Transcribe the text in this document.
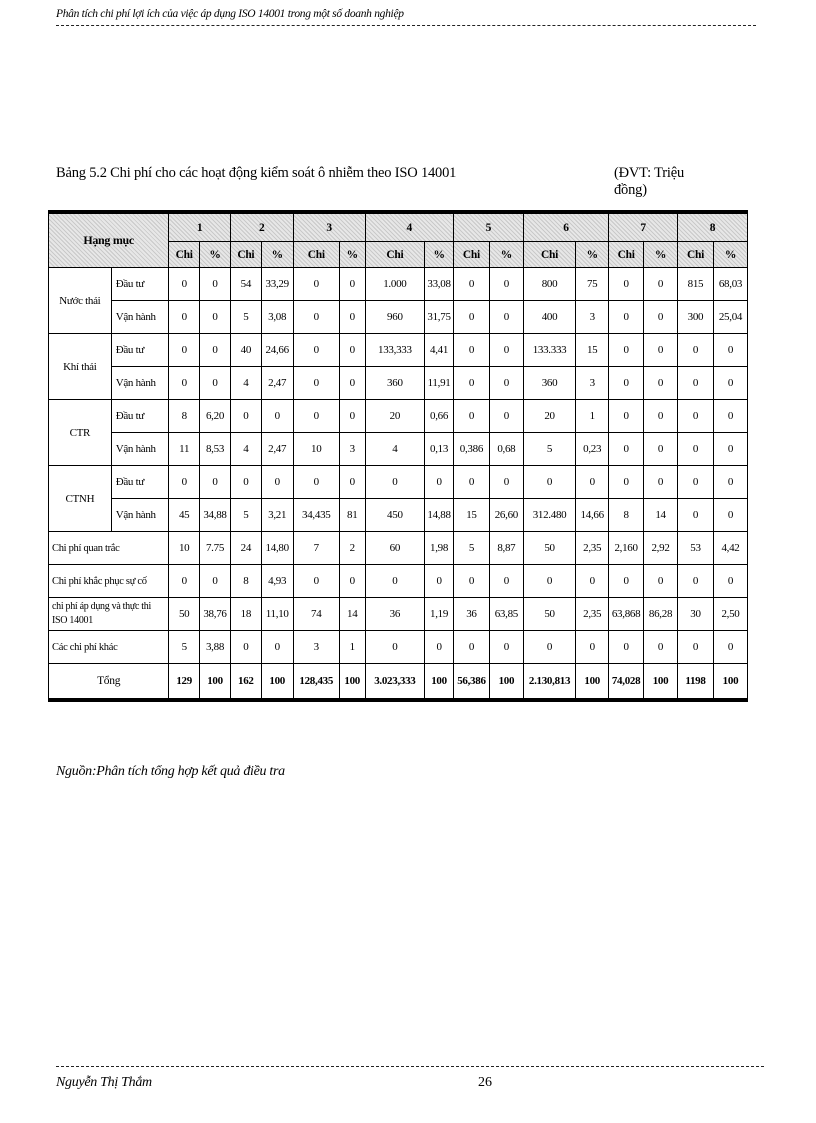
Phân tích chi phí lợi ích của việc áp dụng ISO 14001 trong một số doanh nghiệp
Bảng 5.2 Chi phí cho các hoạt động kiểm soát ô nhiễm theo ISO 14001	(ĐVT: Triệu đồng)
Hạng mục		1		2		3		4		5		6		7		8	
		Chi	%	Chi	%	Chi	%	Chi	%	Chi	%	Chi	%	Chi	%	Chi	%
Nước thải	Đầu tư	0	0	54	33,29	0	0	1.000	33,08	0	0	800	75	0	0	815	68,03
	Vận hành	0	0	5	3,08	0	0	960	31,75	0	0	400	3	0	0	300	25,04
Khí thải	Đầu tư	0	0	40	24,66	0	0	133,333	4,41	0	0	133.333	15	0	0	0	0
	Vận hành	0	0	4	2,47	0	0	360	11,91	0	0	360	3	0	0	0	0
CTR	Đầu tư	8	6,20	0	0	0	0	20	0,66	0	0	20	1	0	0	0	0
	Vận hành	11	8,53	4	2,47	10	3	4	0,13	0,386	0,68	5	0,23	0	0	0	0
CTNH	Đầu tư	0	0	0	0	0	0	0	0	0	0	0	0	0	0	0	0
	Vận hành	45	34,88	5	3,21	34,435	81	450	14,88	15	26,60	312.480	14,66	8	14	0	0
Chi phí quan trắc		10	7.75	24	14,80	7	2	60	1,98	5	8,87	50	2,35	2,160	2,92	53	4,42
Chi phí khắc phục sự cố		0	0	8	4,93	0	0	0	0	0	0	0	0	0	0	0	0
chi phí áp dụng và thực thi ISO 14001		50	38,76	18	11,10	74	14	36	1,19	36	63,85	50	2,35	63,868	86,28	30	2,50
Các chi phí khác		5	3,88	0	0	3	1	0	0	0	0	0	0	0	0	0	0
Tổng		129	100	162	100	128,435	100	3.023,333	100	56,386	100	2.130,813	100	74,028	100	1198	100
Nguồn:Phân tích tổng hợp kết quả điều tra
Nguyễn Thị Thắm	26
